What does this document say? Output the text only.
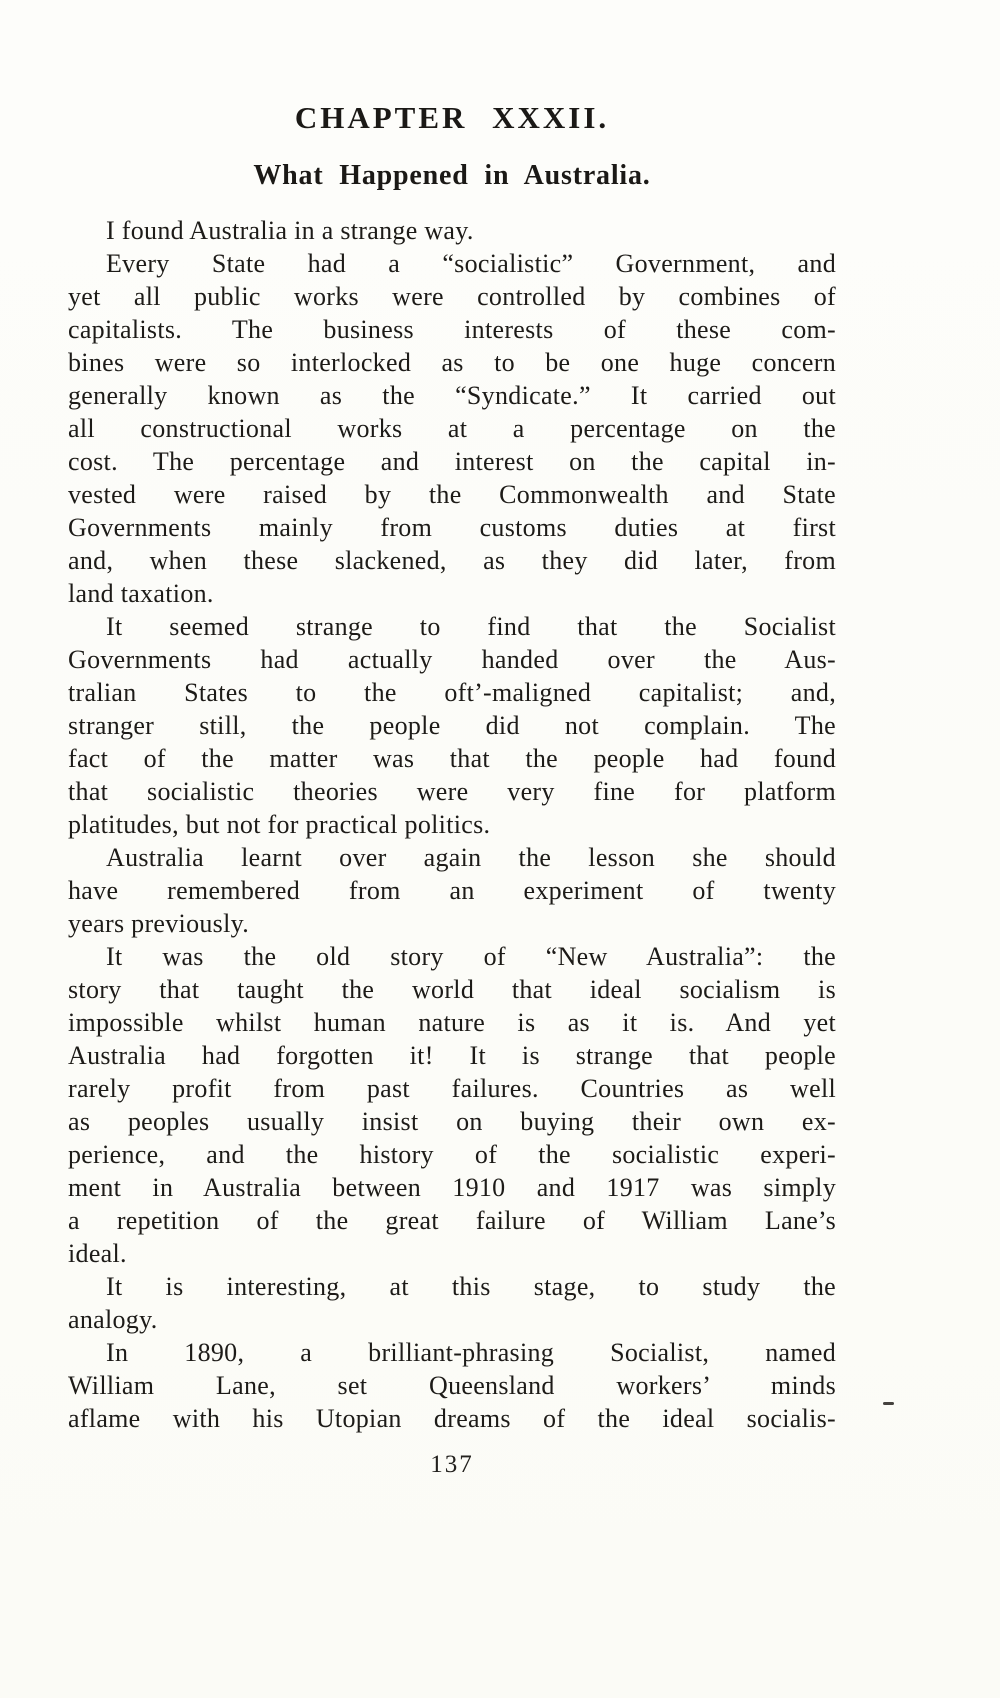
CHAPTER XXXII.
What Happened in Australia.
I found Australia in a strange way.
Every State had a “socialistic” Government, and
yet all public works were controlled by combines of
capitalists. The business interests of these com-
bines were so interlocked as to be one huge concern
generally known as the “Syndicate.” It carried out
all constructional works at a percentage on the
cost. The percentage and interest on the capital in-
vested were raised by the Commonwealth and State
Governments mainly from customs duties at first
and, when these slackened, as they did later, from
land taxation.
It seemed strange to find that the Socialist
Governments had actually handed over the Aus-
tralian States to the oft’-maligned capitalist; and,
stranger still, the people did not complain. The
fact of the matter was that the people had found
that socialistic theories were very fine for platform
platitudes, but not for practical politics.
Australia learnt over again the lesson she should
have remembered from an experiment of twenty
years previously.
It was the old story of “New Australia”: the
story that taught the world that ideal socialism is
impossible whilst human nature is as it is. And yet
Australia had forgotten it! It is strange that people
rarely profit from past failures. Countries as well
as peoples usually insist on buying their own ex-
perience, and the history of the socialistic experi-
ment in Australia between 1910 and 1917 was simply
a repetition of the great failure of William Lane’s
ideal.
It is interesting, at this stage, to study the
analogy.
In 1890, a brilliant-phrasing Socialist, named
William Lane, set Queensland workers’ minds
aflame with his Utopian dreams of the ideal socialis-
137
